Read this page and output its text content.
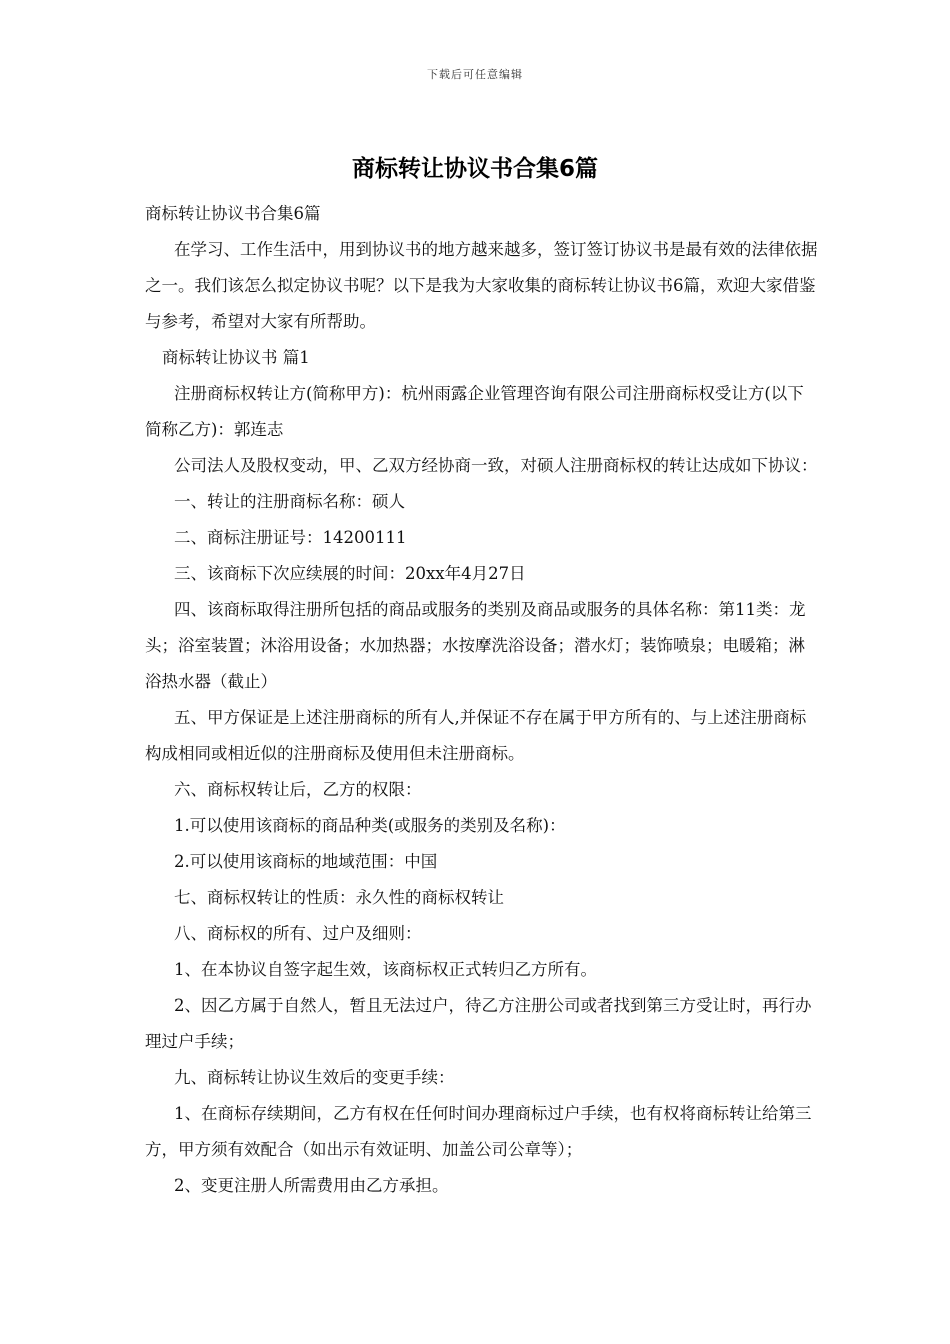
下载后可任意编辑
商标转让协议书合集6篇

商标转让协议书合集6篇

在学习、工作生活中，用到协议书的地方越来越多，签订签订协议书是最有效的法律依据之一。我们该怎么拟定协议书呢？以下是我为大家收集的商标转让协议书6篇，欢迎大家借鉴与参考，希望对大家有所帮助。

商标转让协议书 篇1

注册商标权转让方(简称甲方)：杭州雨露企业管理咨询有限公司注册商标权受让方(以下简称乙方)：郭连志

公司法人及股权变动，甲、乙双方经协商一致，对硕人注册商标权的转让达成如下协议：

一、转让的注册商标名称：硕人

二、商标注册证号：14200111

三、该商标下次应续展的时间：20xx年4月27日

四、该商标取得注册所包括的商品或服务的类别及商品或服务的具体名称：第11类：龙头；浴室装置；沐浴用设备；水加热器；水按摩洗浴设备；潜水灯；装饰喷泉；电暖箱；淋浴热水器（截止）

五、甲方保证是上述注册商标的所有人,并保证不存在属于甲方所有的、与上述注册商标构成相同或相近似的注册商标及使用但未注册商标。

六、商标权转让后，乙方的权限：

1.可以使用该商标的商品种类(或服务的类别及名称)：

2.可以使用该商标的地域范围：中国

七、商标权转让的性质：永久性的商标权转让

八、商标权的所有、过户及细则：

1、在本协议自签字起生效，该商标权正式转归乙方所有。

2、因乙方属于自然人，暂且无法过户，待乙方注册公司或者找到第三方受让时，再行办理过户手续；

九、商标转让协议生效后的变更手续：

1、在商标存续期间，乙方有权在任何时间办理商标过户手续，也有权将商标转让给第三方，甲方须有效配合（如出示有效证明、加盖公司公章等）；

2、变更注册人所需费用由乙方承担。
